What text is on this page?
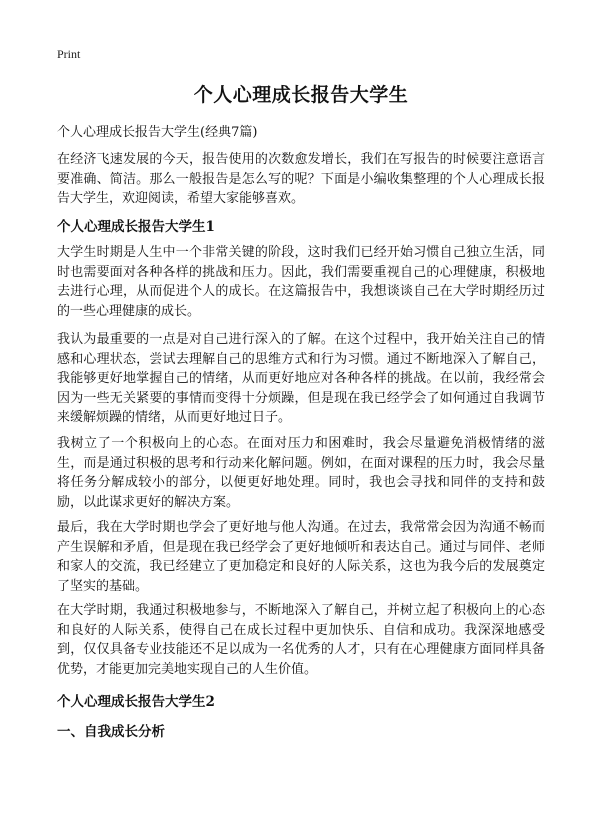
Print
个人心理成长报告大学生
个人心理成长报告大学生(经典7篇)

在经济飞速发展的今天，报告使用的次数愈发增长，我们在写报告的时候要注意语言要准确、简洁。那么一般报告是怎么写的呢？下面是小编收集整理的个人心理成长报告大学生，欢迎阅读，希望大家能够喜欢。

个人心理成长报告大学生1

大学生时期是人生中一个非常关键的阶段，这时我们已经开始习惯自己独立生活，同时也需要面对各种各样的挑战和压力。因此，我们需要重视自己的心理健康，积极地去进行心理，从而促进个人的成长。在这篇报告中，我想谈谈自己在大学时期经历过的一些心理健康的成长。

我认为最重要的一点是对自己进行深入的了解。在这个过程中，我开始关注自己的情感和心理状态，尝试去理解自己的思维方式和行为习惯。通过不断地深入了解自己，我能够更好地掌握自己的情绪，从而更好地应对各种各样的挑战。在以前，我经常会因为一些无关紧要的事情而变得十分烦躁，但是现在我已经学会了如何通过自我调节来缓解烦躁的情绪，从而更好地过日子。

我树立了一个积极向上的心态。在面对压力和困难时，我会尽量避免消极情绪的滋生，而是通过积极的思考和行动来化解问题。例如，在面对课程的压力时，我会尽量将任务分解成较小的部分，以便更好地处理。同时，我也会寻找和同伴的支持和鼓励，以此谋求更好的解决方案。

最后，我在大学时期也学会了更好地与他人沟通。在过去，我常常会因为沟通不畅而产生误解和矛盾，但是现在我已经学会了更好地倾听和表达自己。通过与同伴、老师和家人的交流，我已经建立了更加稳定和良好的人际关系，这也为我今后的发展奠定了坚实的基础。

在大学时期，我通过积极地参与，不断地深入了解自己，并树立起了积极向上的心态和良好的人际关系，使得自己在成长过程中更加快乐、自信和成功。我深深地感受到，仅仅具备专业技能还不足以成为一名优秀的人才，只有在心理健康方面同样具备优势，才能更加完美地实现自己的人生价值。

个人心理成长报告大学生2
一、自我成长分析
